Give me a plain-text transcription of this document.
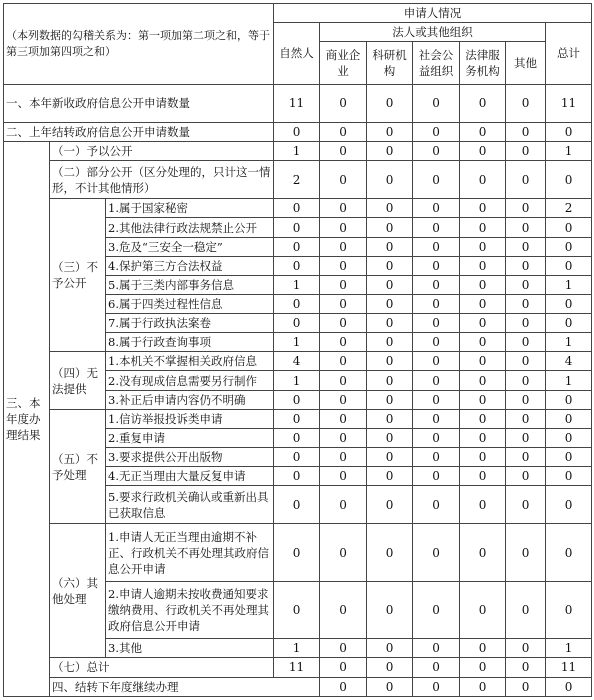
（本列数据的勾稽关系为：第一项加第二项之和，等于第三项加第四项之和）			申请人情况							
			自然人	法人或其他组织					总计	
				商业企业	科研机构	社会公益组织	法律服务机构	其他		
一、本年新收政府信息公开申请数量			11	0	0	0	0	0	11	
二、上年结转政府信息公开申请数量			0	0	0	0	0	0	0	
三、本年度办理结果	（一）予以公开		1	0	0	0	0	0	1	
	（二）部分公开（区分处理的，只计这一情形，不计其他情形）		2	0	0	0	0	0	0	
	（三）不予公开	1.属于国家秘密	0	0	0	0	0	0	2	
		2.其他法律行政法规禁止公开	0	0	0	0	0	0	0	
		3.危及“三安全一稳定”	0	0	0	0	0	0	0	
		4.保护第三方合法权益	0	0	0	0	0	0	0	
		5.属于三类内部事务信息	1	0	0	0	0	0	1	
		6.属于四类过程性信息	0	0	0	0	0	0	0	
		7.属于行政执法案卷	0	0	0	0	0	0	0	
		8.属于行政查询事项	1	0	0	0	0	0	1	
	（四）无法提供	1.本机关不掌握相关政府信息	4	0	0	0	0	0	4	
		2.没有现成信息需要另行制作	1	0	0	0	0	0	1	
		3.补正后申请内容仍不明确	0	0	0	0	0	0	0	
	（五）不予处理	1.信访举报投诉类申请	0	0	0	0	0	0	0	
		2.重复申请	0	0	0	0	0	0	0	
		3.要求提供公开出版物	0	0	0	0	0	0	0	
		4.无正当理由大量反复申请	0	0	0	0	0	0	0	
		5.要求行政机关确认或重新出具已获取信息	0	0	0	0	0	0	0	
	（六）其他处理	1.申请人无正当理由逾期不补正、行政机关不再处理其政府信息公开申请	0	0	0	0	0	0	0	
		2.申请人逾期未按收费通知要求缴纳费用、行政机关不再处理其政府信息公开申请	0	0	0	0	0	0	0	
		3.其他	1	0	0	0	0	0	1	
	（七）总计		11	0	0	0	0	0	11	
	四、结转下年度继续办理			0	0	0	0	0	0	
